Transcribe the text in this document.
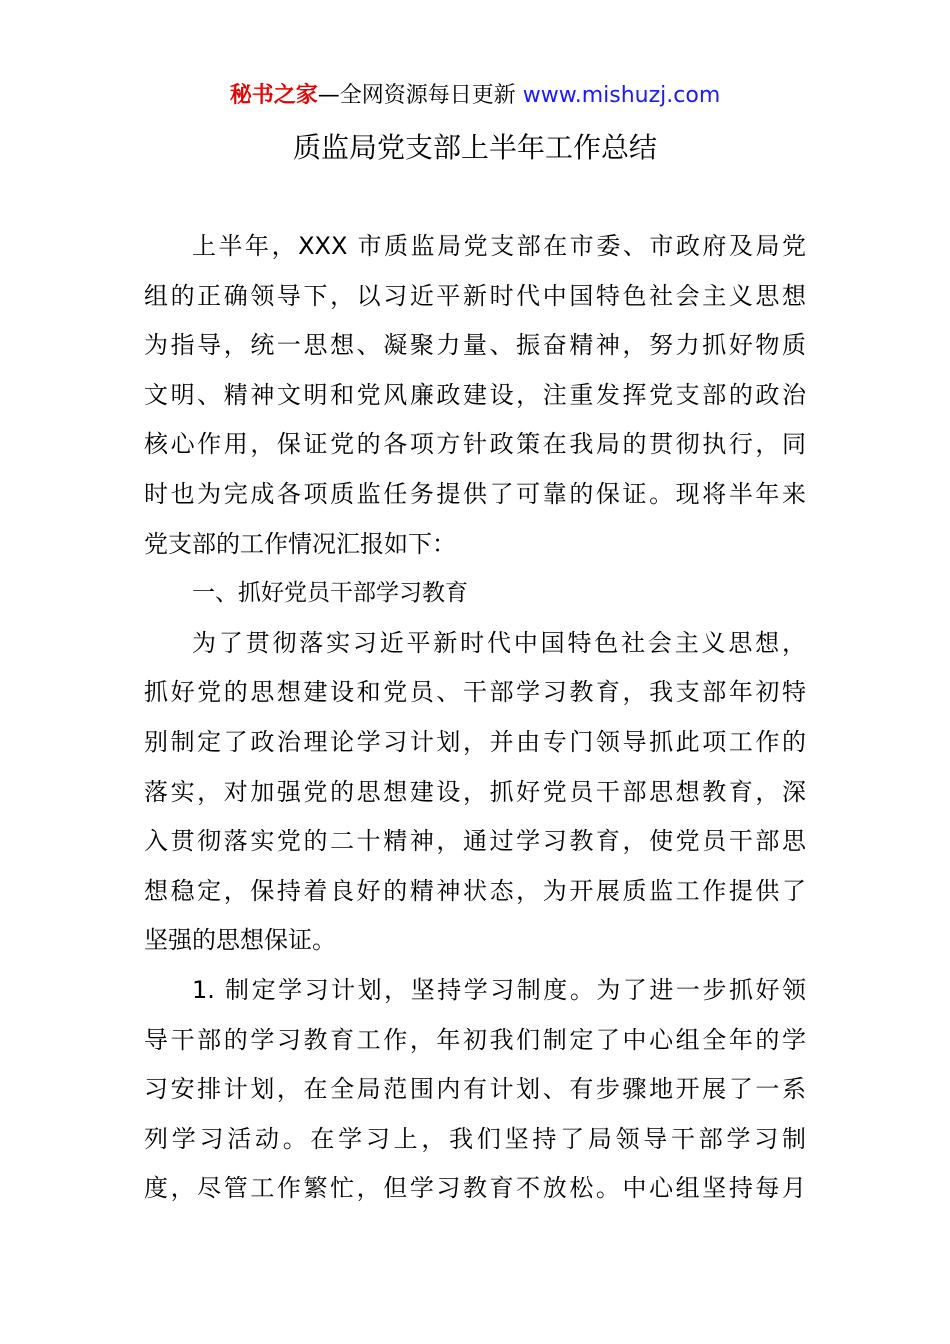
秘书之家—全网资源每日更新 www.mishuzj.com
质监局党支部上半年工作总结
上半年，XXX 市质监局党支部在市委、市政府及局党
组的正确领导下，以习近平新时代中国特色社会主义思想
为指导，统一思想、凝聚力量、振奋精神，努力抓好物质
文明、精神文明和党风廉政建设，注重发挥党支部的政治
核心作用，保证党的各项方针政策在我局的贯彻执行，同
时也为完成各项质监任务提供了可靠的保证。现将半年来
党支部的工作情况汇报如下：
一、抓好党员干部学习教育
为了贯彻落实习近平新时代中国特色社会主义思想，
抓好党的思想建设和党员、干部学习教育，我支部年初特
别制定了政治理论学习计划，并由专门领导抓此项工作的
落实，对加强党的思想建设，抓好党员干部思想教育，深
入贯彻落实党的二十精神，通过学习教育，使党员干部思
想稳定，保持着良好的精神状态，为开展质监工作提供了
坚强的思想保证。
1. 制定学习计划，坚持学习制度。为了进一步抓好领
导干部的学习教育工作，年初我们制定了中心组全年的学
习安排计划，在全局范围内有计划、有步骤地开展了一系
列学习活动。在学习上，我们坚持了局领导干部学习制
度，尽管工作繁忙，但学习教育不放松。中心组坚持每月
